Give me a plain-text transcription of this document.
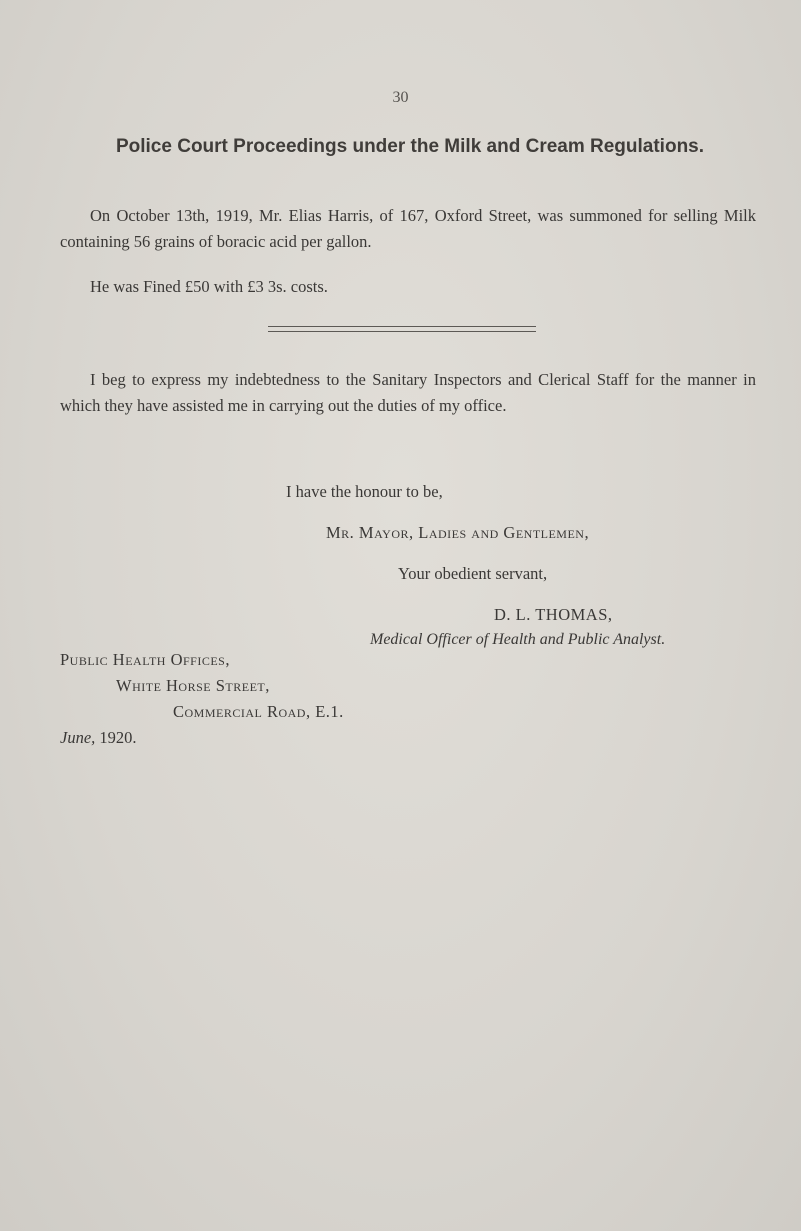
30
Police Court Proceedings under the Milk and Cream Regulations.

On October 13th, 1919, Mr. Elias Harris, of 167, Oxford Street, was summoned for selling Milk containing 56 grains of boracic acid per gallon.

He was Fined £50 with £3 3s. costs.

I beg to express my indebtedness to the Sanitary Inspectors and Clerical Staff for the manner in which they have assisted me in carrying out the duties of my office.

I have the honour to be,
Mr. Mayor, Ladies and Gentlemen,
Your obedient servant,
D. L. THOMAS,
Medical Officer of Health and Public Analyst.
Public Health Offices,
White Horse Street,
Commercial Road, E.1.
June, 1920.
